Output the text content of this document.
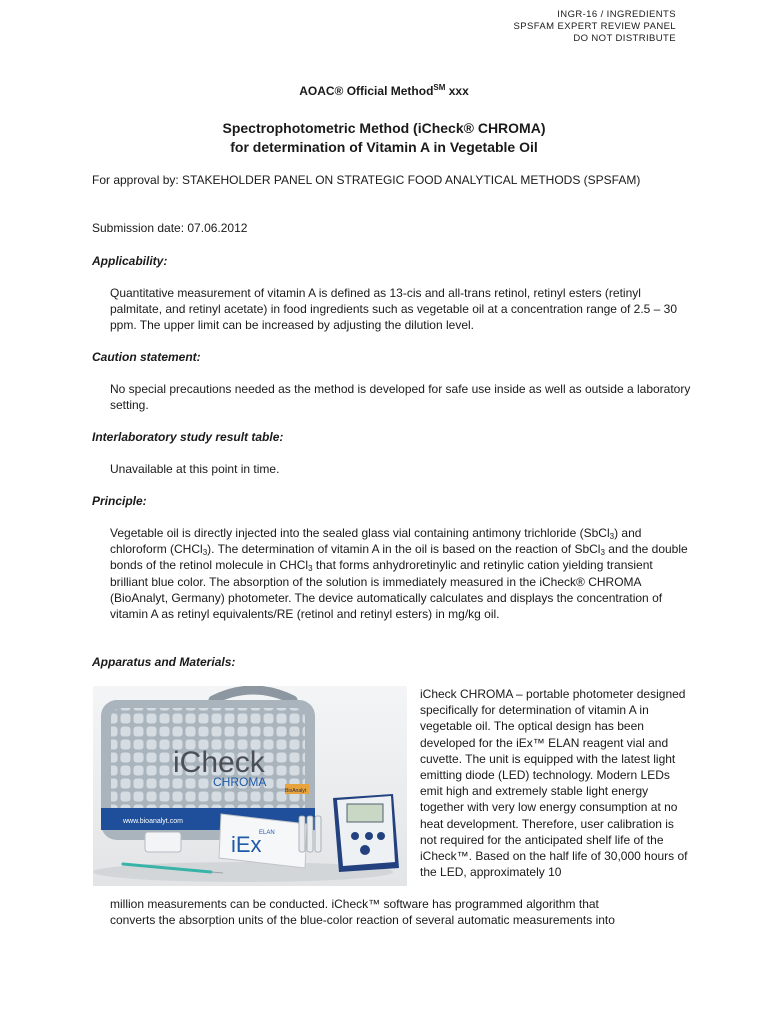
INGR-16 / INGREDIENTS
SPSFAM EXPERT REVIEW PANEL
DO NOT DISTRIBUTE
AOAC® Official Method℠ xxx
Spectrophotometric Method (iCheck® CHROMA)
for determination of Vitamin A in Vegetable Oil
For approval by: STAKEHOLDER PANEL ON STRATEGIC FOOD ANALYTICAL METHODS (SPSFAM)
Submission date: 07.06.2012
Applicability:
Quantitative measurement of vitamin A is defined as 13-cis and all-trans retinol, retinyl esters (retinyl palmitate, and retinyl acetate) in food ingredients such as vegetable oil at a concentration range of 2.5 – 30 ppm. The upper limit can be increased by adjusting the dilution level.
Caution statement:
No special precautions needed as the method is developed for safe use inside as well as outside a laboratory setting.
Interlaboratory study result table:
Unavailable at this point in time.
Principle:
Vegetable oil is directly injected into the sealed glass vial containing antimony trichloride (SbCl$_3$) and chloroform (CHCl$_3$). The determination of vitamin A in the oil is based on the reaction of SbCl$_3$ and the double bonds of the retinol molecule in CHCl$_3$ that forms anhydroretinylic and retinylic cation yielding transient brilliant blue color. The absorption of the solution is immediately measured in the iCheck® CHROMA (BioAnalyt, Germany) photometer. The device automatically calculates and displays the concentration of vitamin A as retinyl equivalents/RE (retinol and retinyl esters) in mg/kg oil.
Apparatus and Materials:
www.bioanalyt.com
iCheck
CHROMA
BioAnalyt
iEx
ELAN
iCheck CHROMA – portable photometer designed specifically for determination of vitamin A in vegetable oil. The optical design has been developed for the iEx™ ELAN reagent vial and cuvette. The unit is equipped with the latest light emitting diode (LED) technology. Modern LEDs emit high and extremely stable light energy together with very low energy consumption at no heat development. Therefore, user calibration is not required for the anticipated shelf life of the iCheck™. Based on the half life of 30,000 hours of the LED, approximately 10
million measurements can be conducted. iCheck™ software has programmed algorithm that
converts the absorption units of the blue-color reaction of several automatic measurements into
